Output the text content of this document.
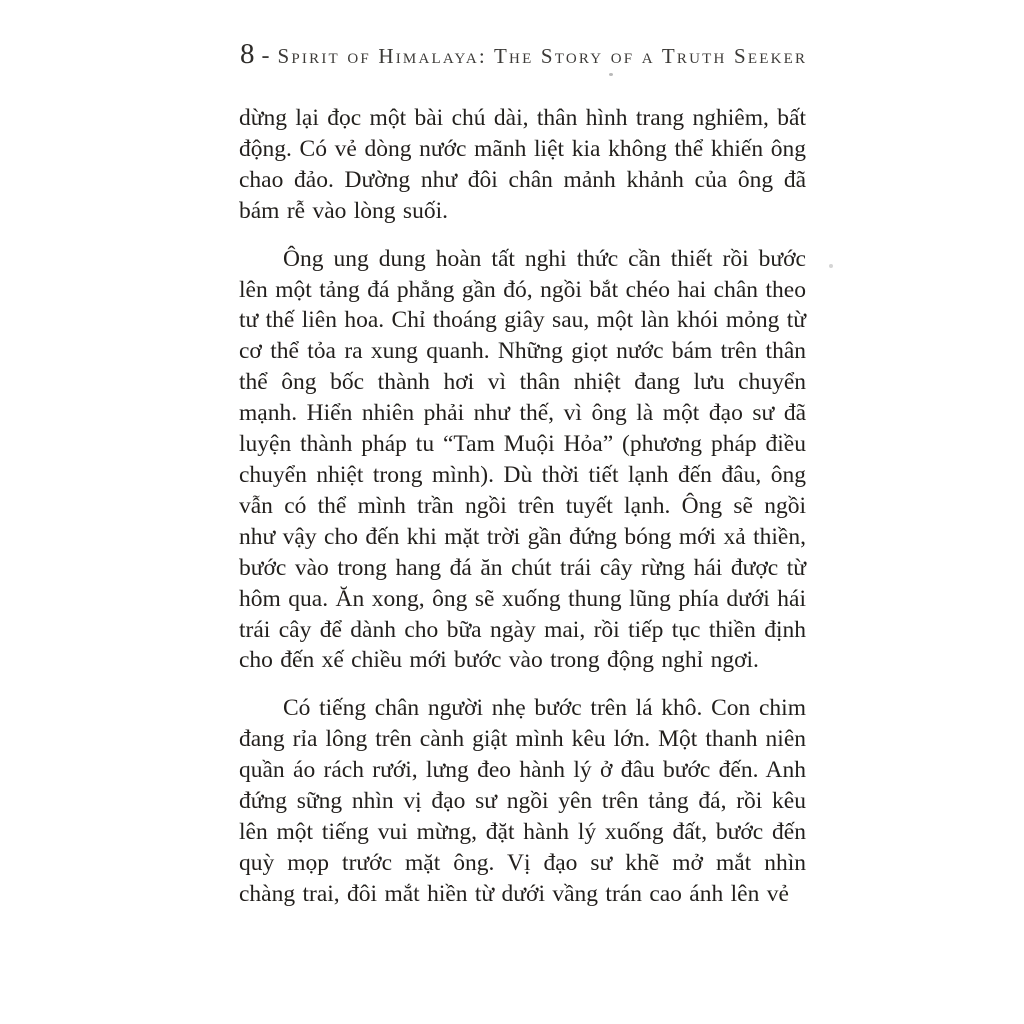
8 - Spirit of Himalaya: The Story of a Truth Seeker

dừng lại đọc một bài chú dài, thân hình trang nghiêm, bất động. Có vẻ dòng nước mãnh liệt kia không thể khiến ông chao đảo. Dường như đôi chân mảnh khảnh của ông đã bám rễ vào lòng suối.

Ông ung dung hoàn tất nghi thức cần thiết rồi bước lên một tảng đá phẳng gần đó, ngồi bắt chéo hai chân theo tư thế liên hoa. Chỉ thoáng giây sau, một làn khói mỏng từ cơ thể tỏa ra xung quanh. Những giọt nước bám trên thân thể ông bốc thành hơi vì thân nhiệt đang lưu chuyển mạnh. Hiển nhiên phải như thế, vì ông là một đạo sư đã luyện thành pháp tu “Tam Muội Hỏa” (phương pháp điều chuyển nhiệt trong mình). Dù thời tiết lạnh đến đâu, ông vẫn có thể mình trần ngồi trên tuyết lạnh. Ông sẽ ngồi như vậy cho đến khi mặt trời gần đứng bóng mới xả thiền, bước vào trong hang đá ăn chút trái cây rừng hái được từ hôm qua. Ăn xong, ông sẽ xuống thung lũng phía dưới hái trái cây để dành cho bữa ngày mai, rồi tiếp tục thiền định cho đến xế chiều mới bước vào trong động nghỉ ngơi.

Có tiếng chân người nhẹ bước trên lá khô. Con chim đang rỉa lông trên cành giật mình kêu lớn. Một thanh niên quần áo rách rưới, lưng đeo hành lý ở đâu bước đến. Anh đứng sững nhìn vị đạo sư ngồi yên trên tảng đá, rồi kêu lên một tiếng vui mừng, đặt hành lý xuống đất, bước đến quỳ mọp trước mặt ông. Vị đạo sư khẽ mở mắt nhìn chàng trai, đôi mắt hiền từ dưới vầng trán cao ánh lên vẻ
